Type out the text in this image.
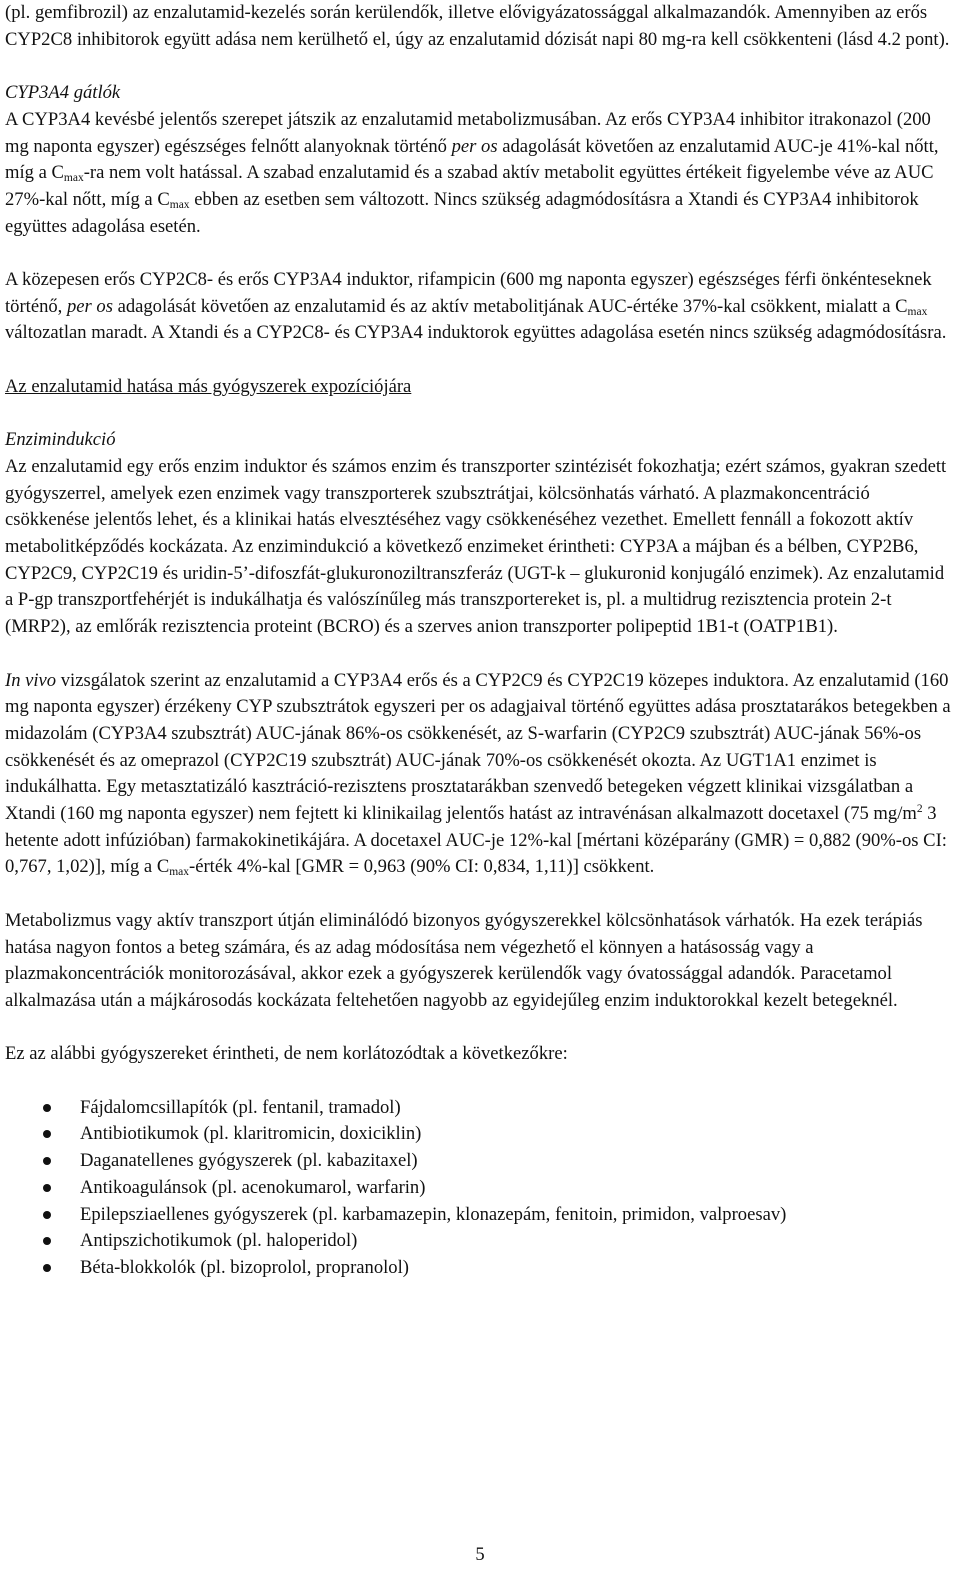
(pl. gemfibrozil) az enzalutamid-kezelés során kerülendők, illetve elővigyázatossággal alkalmazandók. Amennyiben az erős CYP2C8 inhibitorok együtt adása nem kerülhető el, úgy az enzalutamid dózisát napi 80 mg-ra kell csökkenteni (lásd 4.2 pont).

CYP3A4 gátlók

A CYP3A4 kevésbé jelentős szerepet játszik az enzalutamid metabolizmusában. Az erős CYP3A4 inhibitor itrakonazol (200 mg naponta egyszer) egészséges felnőtt alanyoknak történő per os adagolását követően az enzalutamid AUC-je 41%-kal nőtt, míg a $C_{max}-ra$ nem volt hatással. A szabad enzalutamid és a szabad aktív metabolit együttes értékeit figyelembe véve az AUC 27%-kal nőtt, míg a $C_{max}$ ebben az esetben sem változott. Nincs szükség adagmódosításra a Xtandi és CYP3A4 inhibitorok együttes adagolása esetén.

A közepesen erős CYP2C8- és erős CYP3A4 induktor, rifampicin (600 mg naponta egyszer) egészséges férfi önkénteseknek történő, per os adagolását követően az enzalutamid és az aktív metabolitjának AUC-értéke 37%-kal csökkent, mialatt a $C_{max}$ változatlan maradt. A Xtandi és a CYP2C8- és CYP3A4 induktorok együttes adagolása esetén nincs szükség adagmódosításra.

Az enzalutamid hatása más gyógyszerek expozíciójára

Enzimindukció

Az enzalutamid egy erős enzim induktor és számos enzim és transzporter szintézisét fokozhatja; ezért számos, gyakran szedett gyógyszerrel, amelyek ezen enzimek vagy transzporterek szubsztrátjai, kölcsönhatás várható. A plazmakoncentráció csökkenése jelentős lehet, és a klinikai hatás elvesztéséhez vagy csökkenéséhez vezethet. Emellett fennáll a fokozott aktív metabolitképződés kockázata. Az enzimindukció a következő enzimeket érintheti: CYP3A a májban és a bélben, CYP2B6, CYP2C9, CYP2C19 és uridin-5’-difoszfát-glukuronoziltranszferáz (UGT-k – glukuronid konjugáló enzimek). Az enzalutamid a P-gp transzportfehérjét is indukálhatja és valószínűleg más transzportereket is, pl. a multidrug rezisztencia protein 2-t (MRP2), az emlőrák rezisztencia proteint (BCRO) és a szerves anion transzporter polipeptid 1B1-t (OATP1B1).

In vivo vizsgálatok szerint az enzalutamid a CYP3A4 erős és a CYP2C9 és CYP2C19 közepes induktora. Az enzalutamid (160 mg naponta egyszer) érzékeny CYP szubsztrátok egyszeri per os adagjaival történő együttes adása prosztatarákos betegekben a midazolám (CYP3A4 szubsztrát) AUC-jának 86%-os csökkenését, az S-warfarin (CYP2C9 szubsztrát) AUC-jának 56%-os csökkenését és az omeprazol (CYP2C19 szubsztrát) AUC-jának 70%-os csökkenését okozta. Az UGT1A1 enzimet is indukálhatta. Egy metasztatizáló kasztráció-rezisztens prosztatarákban szenvedő betegeken végzett klinikai vizsgálatban a Xtandi (160 mg naponta egyszer) nem fejtett ki klinikailag jelentős hatást az intravénásan alkalmazott docetaxel (75 $mg/m^2$ 3 hetente adott infúzióban) farmakokinetikájára. A docetaxel AUC-je 12%-kal [mértani középarány (GMR) = 0,882 (90%-os CI: 0,767, 1,02)], míg a $C_{max}$-érték 4%-kal [GMR = 0,963 (90% CI: 0,834, 1,11)] csökkent.

Metabolizmus vagy aktív transzport útján eliminálódó bizonyos gyógyszerekkel kölcsönhatások várhatók. Ha ezek terápiás hatása nagyon fontos a beteg számára, és az adag módosítása nem végezhető el könnyen a hatásosság vagy a plazmakoncentrációk monitorozásával, akkor ezek a gyógyszerek kerülendők vagy óvatossággal adandók. Paracetamol alkalmazása után a májkárosodás kockázata feltehetően nagyobb az egyidejűleg enzim induktorokkal kezelt betegeknél.

Ez az alábbi gyógyszereket érintheti, de nem korlátozódtak a következőkre:

Fájdalomcsillapítók (pl. fentanil, tramadol)
Antibiotikumok (pl. klaritromicin, doxiciklin)
Daganatellenes gyógyszerek (pl. kabazitaxel)
Antikoagulánsok (pl. acenokumarol, warfarin)
Epilepsziaellenes gyógyszerek (pl. karbamazepin, klonazepám, fenitoin, primidon, valproesav)
Antipszichotikumok (pl. haloperidol)
Béta-blokkolók (pl. bizoprolol, propranolol)
5
